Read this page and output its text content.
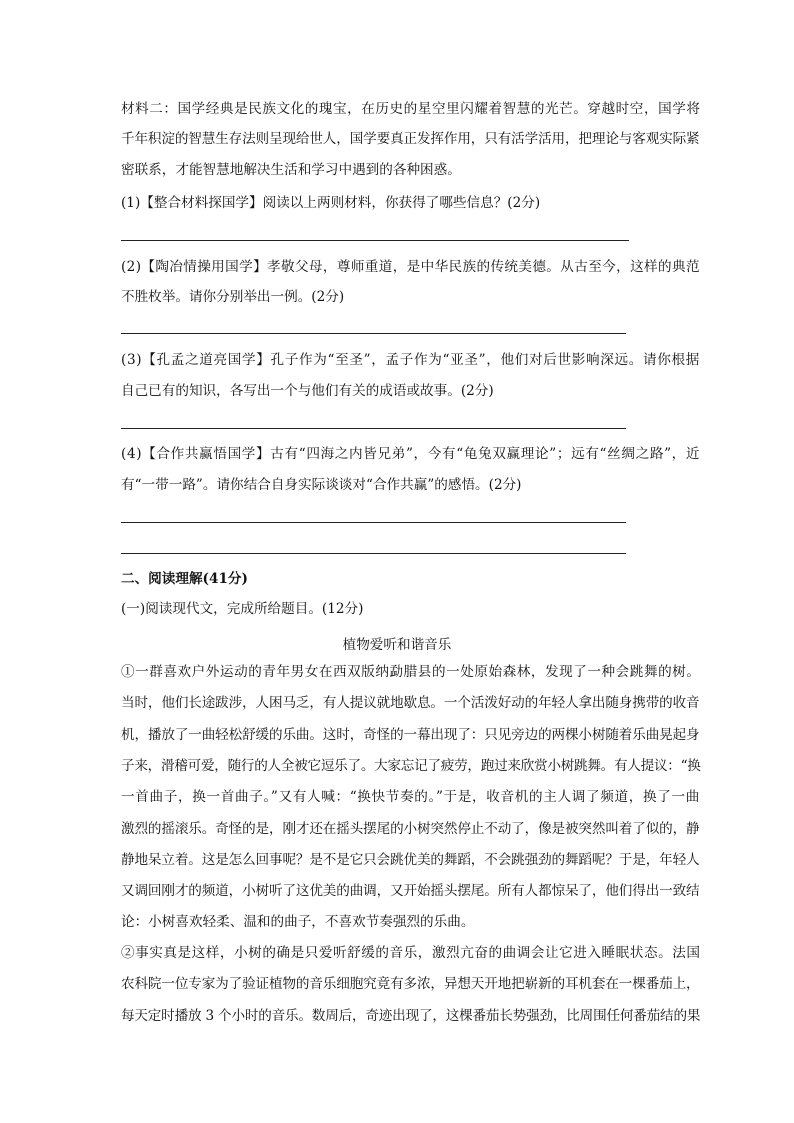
材料二：国学经典是民族文化的瑰宝，在历史的星空里闪耀着智慧的光芒。穿越时空，国学将
千年积淀的智慧生存法则呈现给世人，国学要真正发挥作用，只有活学活用，把理论与客观实际紧
密联系，才能智慧地解决生活和学习中遇到的各种困惑。
(1)【整合材料探国学】阅读以上两则材料，你获得了哪些信息？(2分)
(2)【陶冶情操用国学】孝敬父母，尊师重道，是中华民族的传统美德。从古至今，这样的典范
不胜枚举。请你分别举出一例。(2分)
(3)【孔孟之道亮国学】孔子作为“至圣”，孟子作为“亚圣”，他们对后世影响深远。请你根据
自己已有的知识，各写出一个与他们有关的成语或故事。(2分)
(4)【合作共赢悟国学】古有“四海之内皆兄弟”，今有“龟兔双赢理论”；远有“丝绸之路”，近
有“一带一路”。请你结合自身实际谈谈对“合作共赢”的感悟。(2分)
二、阅读理解(41分)
(一)阅读现代文，完成所给题目。(12分)
植物爱听和谐音乐
①一群喜欢户外运动的青年男女在西双版纳勐腊县的一处原始森林，发现了一种会跳舞的树。
当时，他们长途跋涉，人困马乏，有人提议就地歇息。一个活泼好动的年轻人拿出随身携带的收音
机，播放了一曲轻松舒缓的乐曲。这时，奇怪的一幕出现了：只见旁边的两棵小树随着乐曲晃起身
子来，滑稽可爱，随行的人全被它逗乐了。大家忘记了疲劳，跑过来欣赏小树跳舞。有人提议：“换
一首曲子，换一首曲子。”又有人喊：“换快节奏的。”于是，收音机的主人调了频道，换了一曲
激烈的摇滚乐。奇怪的是，刚才还在摇头摆尾的小树突然停止不动了，像是被突然叫着了似的，静
静地呆立着。这是怎么回事呢？是不是它只会跳优美的舞蹈，不会跳强劲的舞蹈呢？于是，年轻人
又调回刚才的频道，小树听了这优美的曲调，又开始摇头摆尾。所有人都惊呆了，他们得出一致结
论：小树喜欢轻柔、温和的曲子，不喜欢节奏强烈的乐曲。
②事实真是这样，小树的确是只爱听舒缓的音乐，激烈亢奋的曲调会让它进入睡眠状态。法国
农科院一位专家为了验证植物的音乐细胞究竟有多浓，异想天开地把崭新的耳机套在一棵番茄上，
每天定时播放 3 个小时的音乐。数周后，奇迹出现了，这棵番茄长势强劲，比周围任何番茄结的果
